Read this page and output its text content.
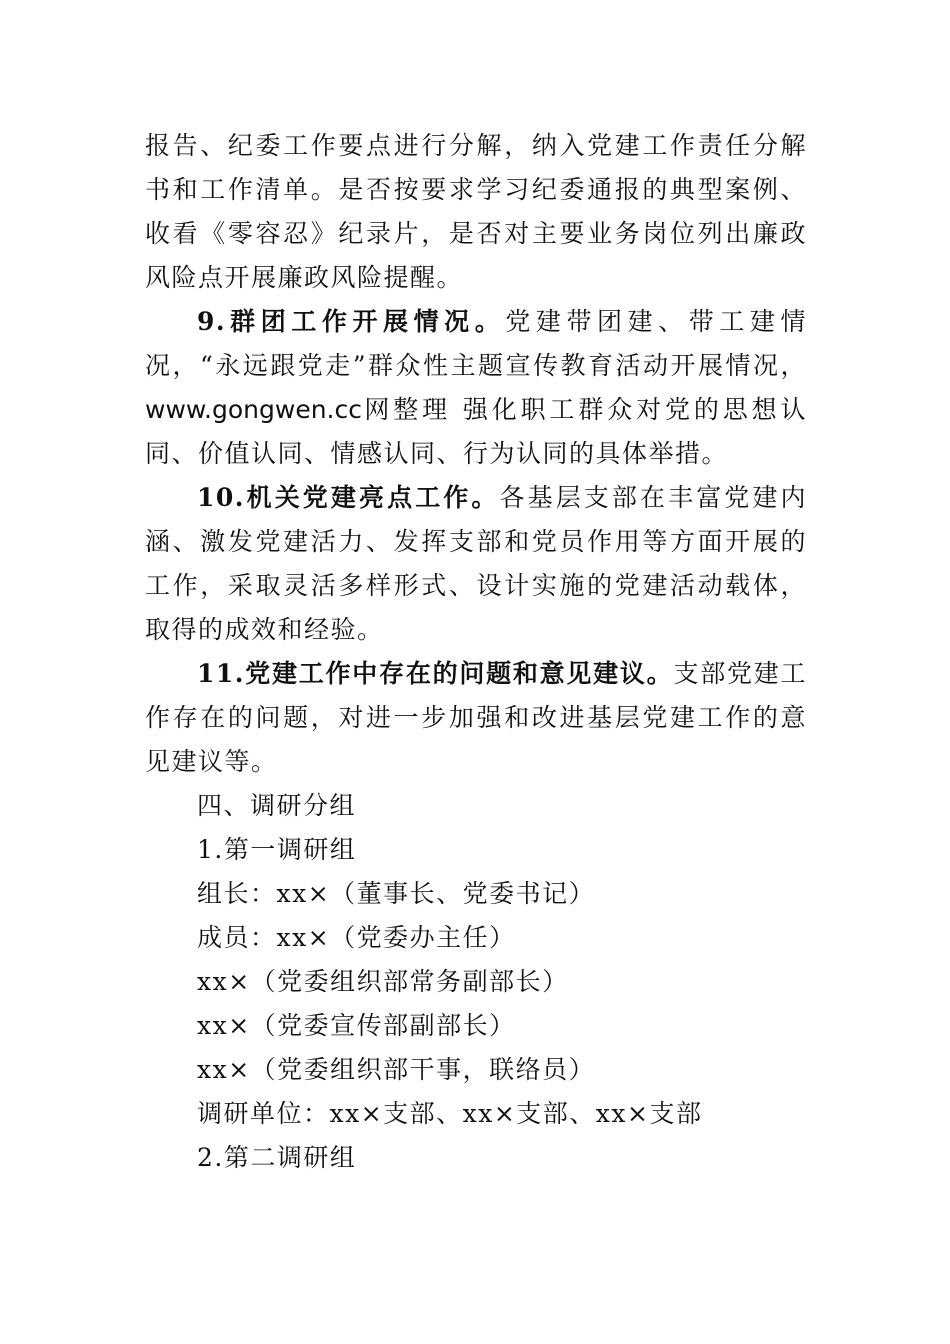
报告、纪委工作要点进行分解，纳入党建工作责任分解书和工作清单。是否按要求学习纪委通报的典型案例、收看《零容忍》纪录片，是否对主要业务岗位列出廉政风险点开展廉政风险提醒。

9.群团工作开展情况。党建带团建、带工建情况，“永远跟党走”群众性主题宣传教育活动开展情况，www.gongwen.cc网整理 强化职工群众对党的思想认同、价值认同、情感认同、行为认同的具体举措。

10.机关党建亮点工作。各基层支部在丰富党建内涵、激发党建活力、发挥支部和党员作用等方面开展的工作，采取灵活多样形式、设计实施的党建活动载体，取得的成效和经验。

11.党建工作中存在的问题和意见建议。支部党建工作存在的问题，对进一步加强和改进基层党建工作的意见建议等。

四、调研分组

1.第一调研组

组长：xx×（董事长、党委书记）

成员：xx×（党委办主任）

xx×（党委组织部常务副部长）

xx×（党委宣传部副部长）

xx×（党委组织部干事，联络员）

调研单位：xx×支部、xx×支部、xx×支部

2.第二调研组
